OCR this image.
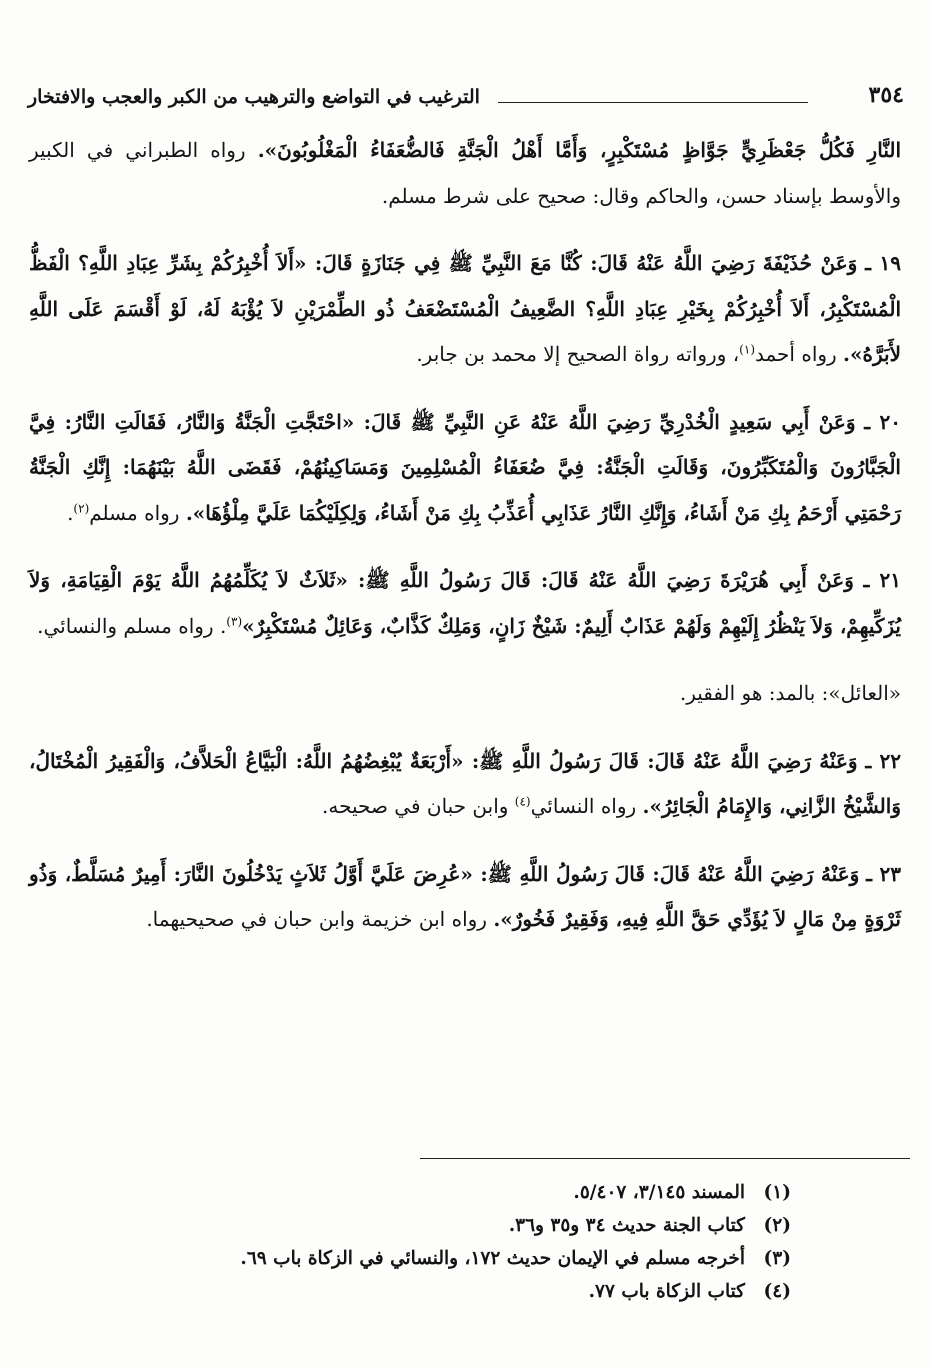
٣٥٤
الترغيب في التواضع والترهيب من الكبر والعجب والافتخار

النَّارِ فَكُلُّ جَعْظَرِيٍّ جَوَّاظٍ مُسْتَكْبِرٍ، وَأَمَّا أَهْلُ الْجَنَّةِ فَالضُّعَفَاءُ الْمَغْلُوبُونَ». رواه الطبراني في الكبير والأوسط بإسناد حسن، والحاكم وقال: صحيح على شرط مسلم.

١٩ ـ وَعَنْ حُذَيْفَةَ رَضِيَ اللَّهُ عَنْهُ قَالَ: كُنَّا مَعَ النَّبِيِّ ﷺ فِي جَنَازَةٍ قَالَ: «أَلاَ أُخْبِرُكُمْ بِشَرِّ عِبَادِ اللَّهِ؟ الْفَظُّ الْمُسْتَكْبِرُ، أَلاَ أُخْبِرُكُمْ بِخَيْرِ عِبَادِ اللَّهِ؟ الضَّعِيفُ الْمُسْتَضْعَفُ ذُو الطِّمْرَيْنِ لاَ يُؤْبَهُ لَهُ، لَوْ أَقْسَمَ عَلَى اللَّهِ لأَبَرَّهُ». رواه أحمد$^{(١)}$، ورواته رواة الصحيح إلا محمد بن جابر.

٢٠ ـ وَعَنْ أَبِي سَعِيدٍ الْخُدْرِيِّ رَضِيَ اللَّهُ عَنْهُ عَنِ النَّبِيِّ ﷺ قَالَ: «احْتَجَّتِ الْجَنَّةُ وَالنَّارُ، فَقَالَتِ النَّارُ: فِيَّ الْجَبَّارُونَ وَالْمُتَكَبِّرُونَ، وَقَالَتِ الْجَنَّةُ: فِيَّ ضُعَفَاءُ الْمُسْلِمِينَ وَمَسَاكِينُهُمْ، فَقَضَى اللَّهُ بَيْنَهُمَا: إِنَّكِ الْجَنَّةُ رَحْمَتِي أَرْحَمُ بِكِ مَنْ أَشَاءُ، وَإِنَّكِ النَّارُ عَذَابِي أُعَذِّبُ بِكِ مَنْ أَشَاءُ، وَلِكِلَيْكُمَا عَلَيَّ مِلْؤُهَا». رواه مسلم$^{(٢)}$.

٢١ ـ وَعَنْ أَبِي هُرَيْرَةَ رَضِيَ اللَّهُ عَنْهُ قَالَ: قَالَ رَسُولُ اللَّهِ ﷺ: «ثَلاَثٌ لاَ يُكَلِّمُهُمُ اللَّهُ يَوْمَ الْقِيَامَةِ، وَلاَ يُزَكِّيهِمْ، وَلاَ يَنْظُرُ إِلَيْهِمْ وَلَهُمْ عَذَابٌ أَلِيمٌ: شَيْخٌ زَانٍ، وَمَلِكٌ كَذَّابٌ، وَعَائِلٌ مُسْتَكْبِرٌ»$^{(٣)}$. رواه مسلم والنسائي.

«العائل»: بالمد: هو الفقير.

٢٢ ـ وَعَنْهُ رَضِيَ اللَّهُ عَنْهُ قَالَ: قَالَ رَسُولُ اللَّهِ ﷺ: «أَرْبَعَةٌ يُبْغِضُهُمُ اللَّهُ: الْبَيَّاعُ الْحَلاَّفُ، وَالْفَقِيرُ الْمُخْتَالُ، وَالشَّيْخُ الزَّانِي، وَالإِمَامُ الْجَائِرُ». رواه النسائي$^{(٤)}$ وابن حبان في صحيحه.

٢٣ ـ وَعَنْهُ رَضِيَ اللَّهُ عَنْهُ قَالَ: قَالَ رَسُولُ اللَّهِ ﷺ: «عُرِضَ عَلَيَّ أَوَّلُ ثَلاَثٍ يَدْخُلُونَ النَّارَ: أَمِيرٌ مُسَلَّطٌ، وَذُو ثَرْوَةٍ مِنْ مَالٍ لاَ يُؤَدِّي حَقَّ اللَّهِ فِيهِ، وَفَقِيرٌ فَخُورٌ». رواه ابن خزيمة وابن حبان في صحيحيهما.

(١)المسند ٣/١٤٥، ٥/٤٠٧.
(٢)كتاب الجنة حديث ٣٤ و٣٥ و٣٦.
(٣)أخرجه مسلم في الإيمان حديث ١٧٢، والنسائي في الزكاة باب ٦٩.
(٤)كتاب الزكاة باب ٧٧.
